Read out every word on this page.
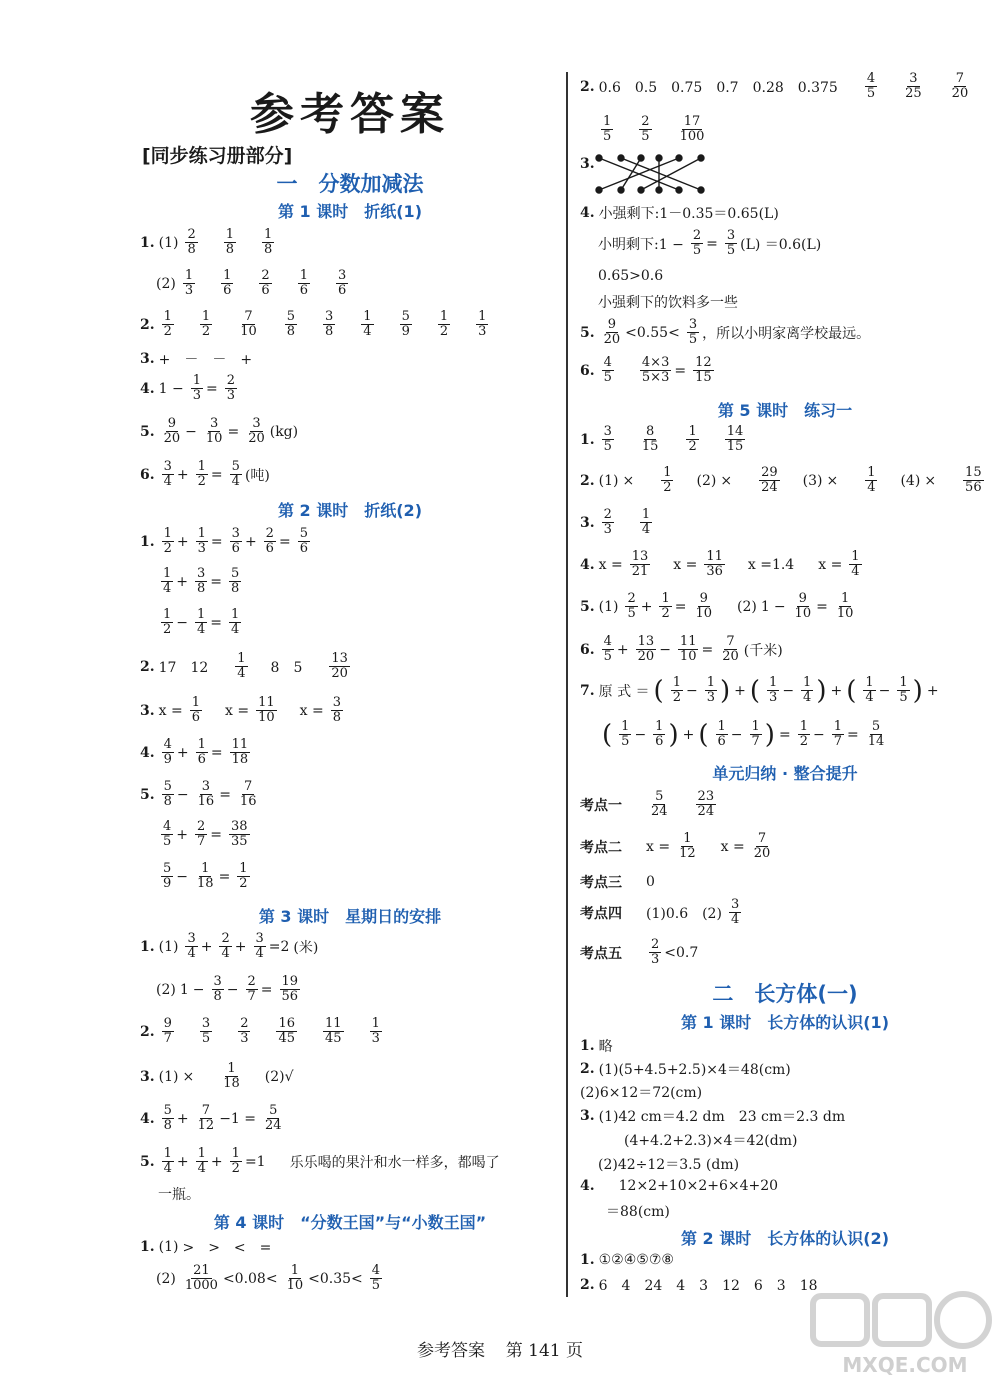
参考答案
[同步练习册部分]
一　分数加减法
第 1 课时　折纸(1)
1. $(1) \frac{2}{8} \frac{1}{8} \frac{1}{8}$
$(2) \frac{1}{3} \frac{1}{6} \frac{2}{6} \frac{1}{6} \frac{3}{6}$
2. $\frac{1}{2} \frac{1}{2} \frac{7}{10} \frac{5}{8} \frac{3}{8} \frac{1}{4} \frac{5}{9} \frac{1}{2} \frac{1}{3}$
3. +　－　－　+
4. $1 - \frac{1}{3} = \frac{2}{3}$
5. $\frac{9}{20} - \frac{3}{10} = \frac{3}{20} (kg)$
6. $\frac{3}{4} + \frac{1}{2} = \frac{5}{4}$ (吨)
第 2 课时　折纸(2)
1. $\frac{1}{2} + \frac{1}{3} = \frac{3}{6} + \frac{2}{6} = \frac{5}{6}$
$\frac{1}{4} + \frac{3}{8} = \frac{5}{8}$
$\frac{1}{2} - \frac{1}{4} = \frac{1}{4}$
2. 17　$12 \frac{1}{4} 8$　$5 \frac{13}{20}$
3. $x = \frac{1}{6}$ $x = \frac{11}{10}$ $x = \frac{3}{8}$
4. $\frac{4}{9} + \frac{1}{6} = \frac{11}{18}$
5. $\frac{5}{8} - \frac{3}{16} = \frac{7}{16}$
$\frac{4}{5} + \frac{2}{7} = \frac{38}{35}$
$\frac{5}{9} - \frac{1}{18} = \frac{1}{2}$
第 3 课时　星期日的安排
1. $(1) \frac{3}{4} + \frac{2}{4} + \frac{3}{4} =2$ (米)
(2) $1 - \frac{3}{8} - \frac{2}{7} = \frac{19}{56}$
2. $\frac{9}{7} \frac{3}{5} \frac{2}{3} \frac{16}{45} \frac{11}{45} \frac{1}{3}$
3. $(1) \times \frac{1}{18} (2)√$
4. $\frac{5}{8} + \frac{7}{12} -1 = \frac{5}{24}$
5. $\frac{1}{4} + \frac{1}{4} + \frac{1}{2} =1$ 乐乐喝的果汁和水一样多，都喝了
一瓶。
第 4 课时　“分数王国”与“小数王国”
1. (1) >　>　<　=
$(2) \frac{21}{1000} <0.08< \frac{1}{10} <0.35< \frac{4}{5}$
2. 0.6　0.5　0.75　0.7　0.28　$0.375 \frac{4}{5} \frac{3}{25} \frac{7}{20}$
$\frac{1}{5} \frac{2}{5} \frac{17}{100}$
3.
4. 小强剩下:1－0.35＝0.65(L)
小明剩下:1 − $\frac{2}{5} = \frac{3}{5} (L) =0.6(L)$
0.65>0.6
小强剩下的饮料多一些
5. $\frac{9}{20} <0.55< \frac{3}{5}$ ，所以小明家离学校最远。
6. $\frac{4}{5} \frac{4\times 3}{5\times 3} = \frac{12}{15}$
第 5 课时　练习一
1. $\frac{3}{5} \frac{8}{15} \frac{1}{2} \frac{14}{15}$
2. $(1) \times \frac{1}{2} (2) \times \frac{29}{24} (3) \times \frac{1}{4} (4) \times \frac{15}{56}$
3. $\frac{2}{3} \frac{1}{4}$
4. $x = \frac{13}{21}$ $x = \frac{11}{36}$ x =1.4 $x = \frac{1}{4}$
5. $(1) \frac{2}{5} + \frac{1}{2} = \frac{9}{10} (2) 1 - \frac{9}{10} = \frac{1}{10}$
6. $\frac{4}{5} + \frac{13}{20} - \frac{11}{10} = \frac{7}{20}$ (千米)
7. 原 式 ＝ ( $\frac{1}{2} - \frac{1}{3}$ ) + ( $\frac{1}{3} - \frac{1}{4}$ ) + ( $\frac{1}{4} - \frac{1}{5}$ ) +
( $\frac{1}{5} - \frac{1}{6}$ ) + ( $\frac{1}{6} - \frac{1}{7}$ ) = $\frac{1}{2} - \frac{1}{7} = \frac{5}{14}$
单元归纳 · 整合提升
考点一 $\frac{5}{24} \frac{23}{24}$
考点二 $x = \frac{1}{12}$ $x = \frac{7}{20}$
考点三 0
考点四 (1)0.6　$(2) \frac{3}{4}$
考点五 $\frac{2}{3} <0.7$
二　长方体(一)
第 1 课时　长方体的认识(1)
1. 略
2. (1)(5+4.5+2.5)×4＝48(cm)
(2)6×12＝72(cm)
3. (1)42 cm＝4.2 dm　23 cm＝2.3 dm
(4+4.2+2.3)×4＝42(dm)
(2)42÷12＝3.5 (dm)
4. 12×2+10×2+6×4+20
＝88(cm)
第 2 课时　长方体的认识(2)
1. ①②④⑤⑦⑧
2. 6　4　24　4　3　12　6　3　18
参考答案 第 141 页
MXQE.COM
